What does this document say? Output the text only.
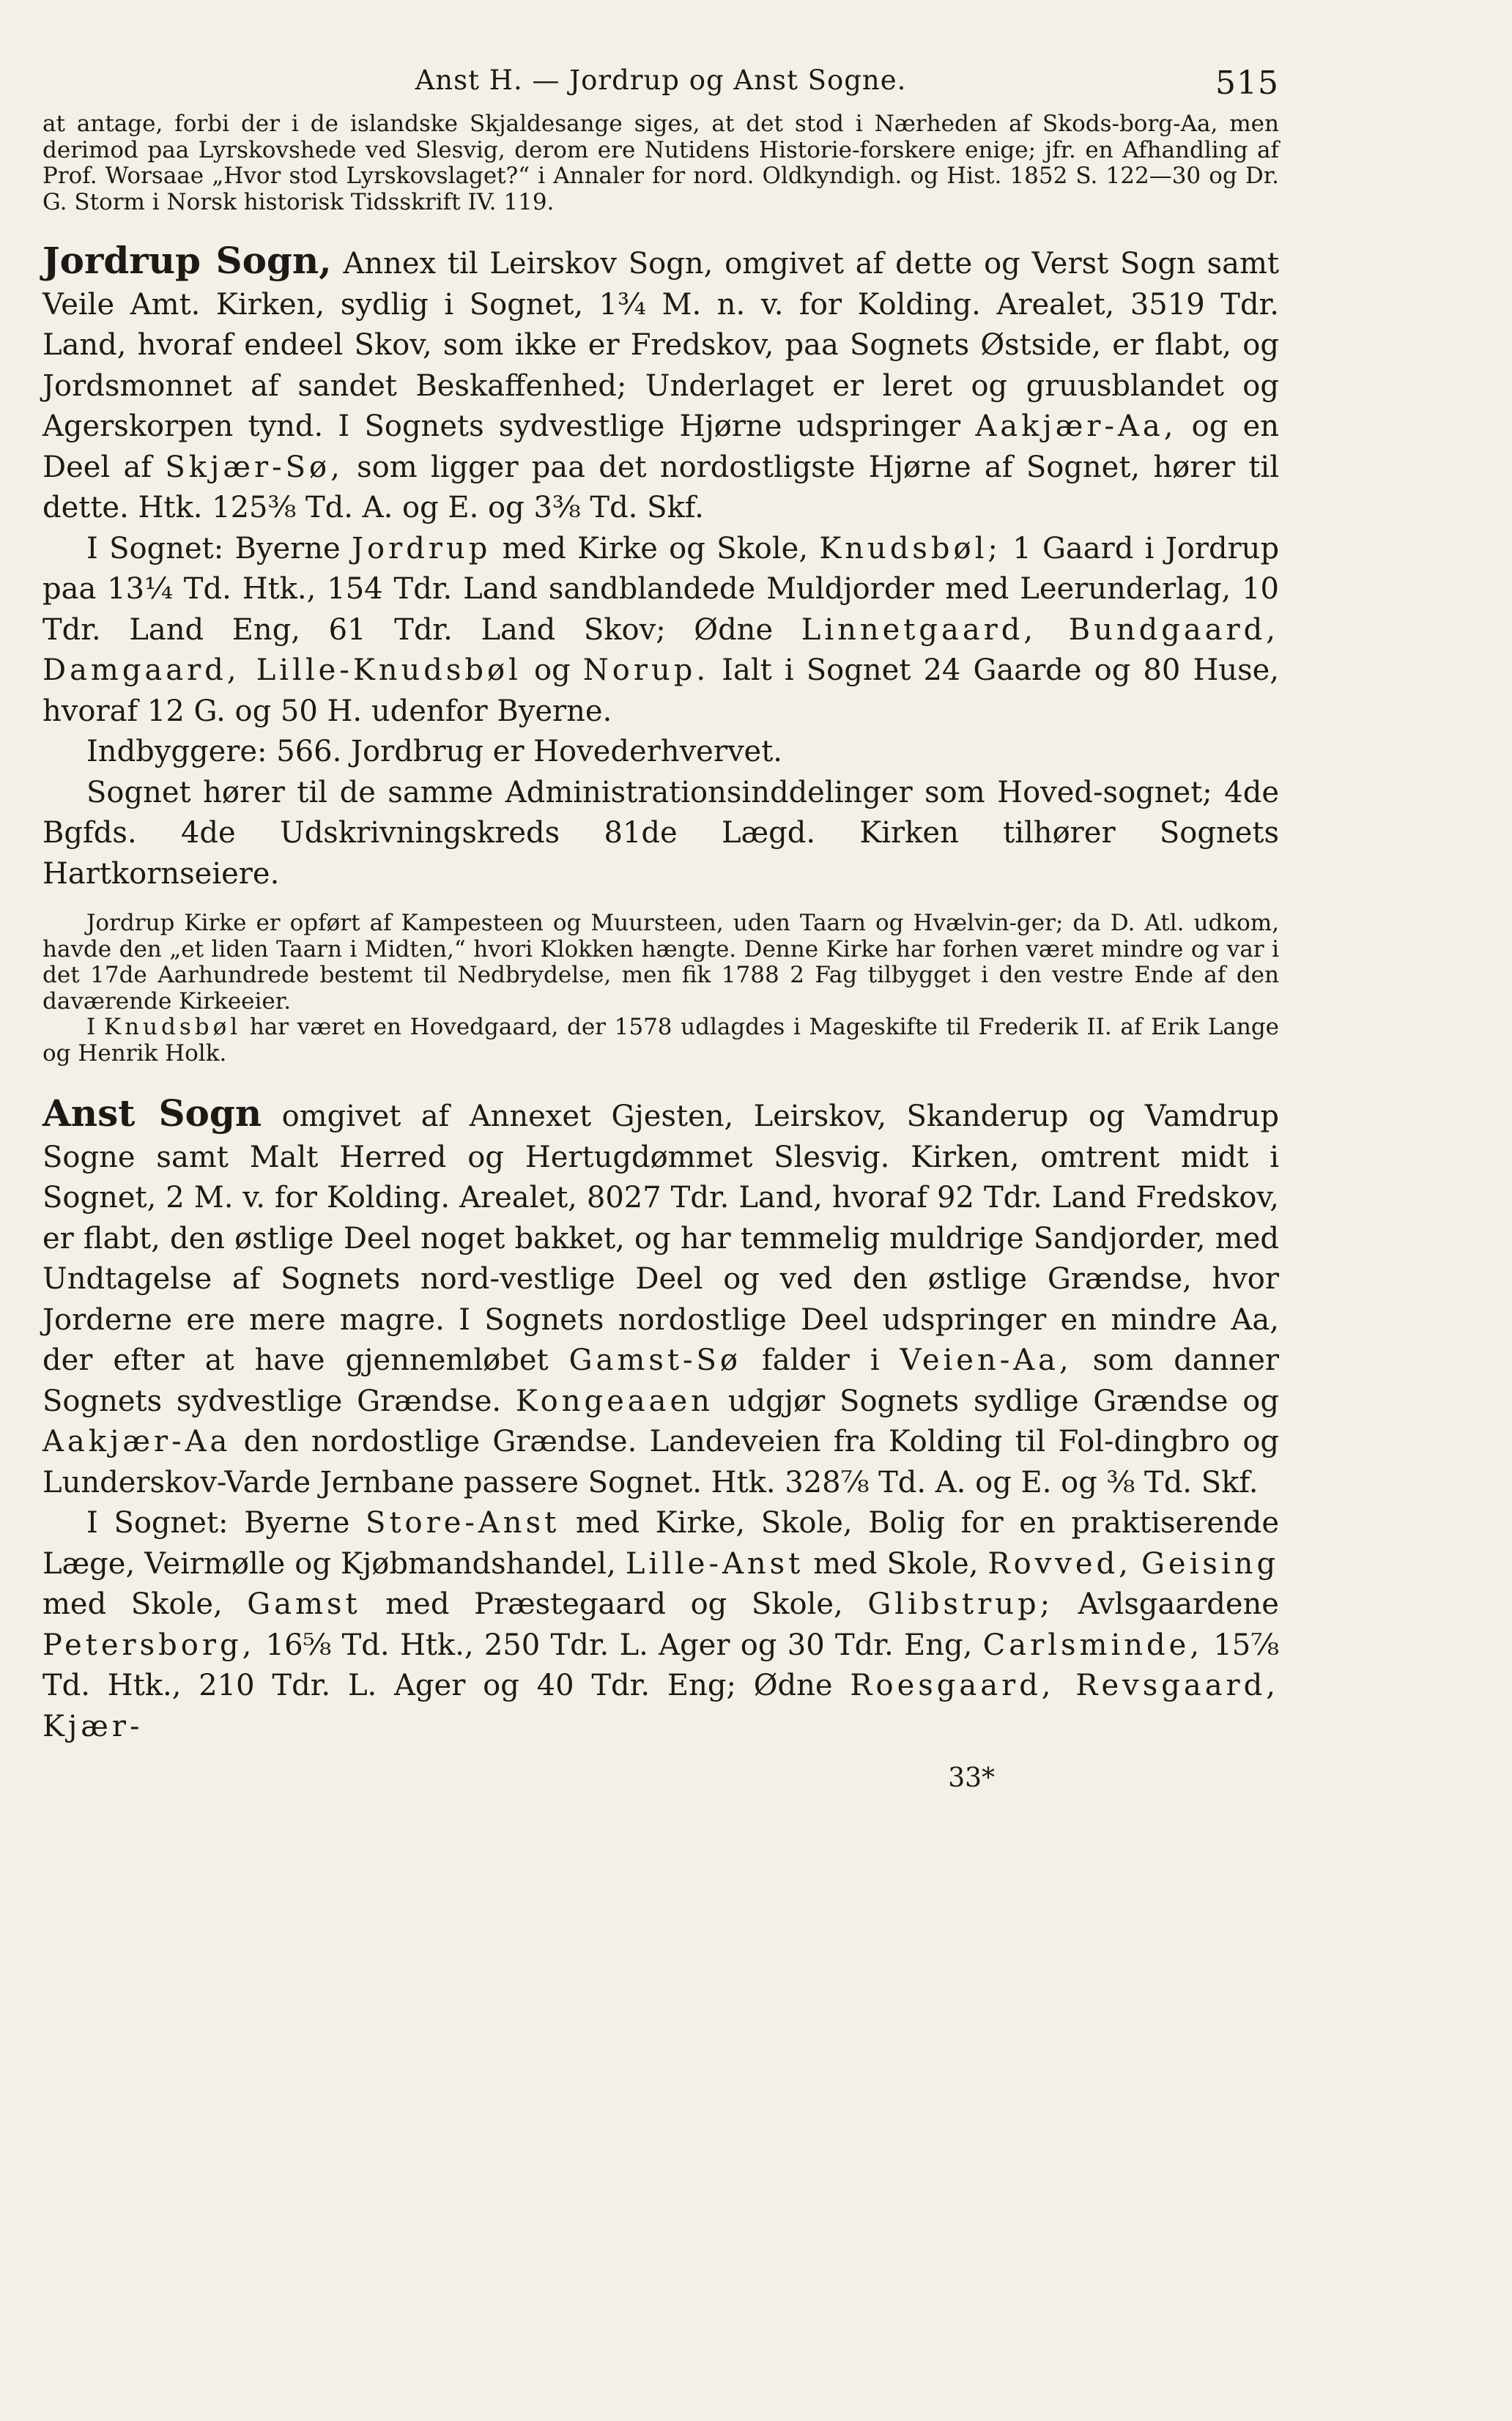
Anst H. — Jordrup og Anst Sogne.	515

at antage, forbi der i de islandske Skjaldesange siges, at det stod i Nærheden af Skods-borg-Aa, men derimod paa Lyrskovshede ved Slesvig, derom ere Nutidens Historie-forskere enige; jfr. en Afhandling af Prof. Worsaae „Hvor stod Lyrskovslaget?“ i Annaler for nord. Oldkyndigh. og Hist. 1852 S. 122—30 og Dr. G. Storm i Norsk historisk Tidsskrift IV. 119.

Jordrup Sogn, Annex til Leirskov Sogn, omgivet af dette og Verst Sogn samt Veile Amt. Kirken, sydlig i Sognet, 1¾ M. n. v. for Kolding. Arealet, 3519 Tdr. Land, hvoraf endeel Skov, som ikke er Fredskov, paa Sognets Østside, er flabt, og Jordsmonnet af sandet Beskaffenhed; Underlaget er leret og gruusblandet og Agerskorpen tynd. I Sognets sydvestlige Hjørne udspringer Aakjær-Aa, og en Deel af Skjær-Sø, som ligger paa det nordostligste Hjørne af Sognet, hører til dette. Htk. 125⅜ Td. A. og E. og 3⅜ Td. Skf.

I Sognet: Byerne Jordrup med Kirke og Skole, Knudsbøl; 1 Gaard i Jordrup paa 13¼ Td. Htk., 154 Tdr. Land sandblandede Muldjorder med Leerunderlag, 10 Tdr. Land Eng, 61 Tdr. Land Skov; Ødne Linnetgaard, Bundgaard, Damgaard, Lille-Knudsbøl og Norup. Ialt i Sognet 24 Gaarde og 80 Huse, hvoraf 12 G. og 50 H. udenfor Byerne.

Indbyggere: 566. Jordbrug er Hovederhvervet.

Sognet hører til de samme Administrationsinddelinger som Hoved-sognet; 4de Bgfds. 4de Udskrivningskreds 81de Lægd. Kirken tilhører Sognets Hartkornseiere.

Jordrup Kirke er opført af Kampesteen og Muursteen, uden Taarn og Hvælvin-ger; da D. Atl. udkom, havde den „et liden Taarn i Midten,“ hvori Klokken hængte. Denne Kirke har forhen været mindre og var i det 17de Aarhundrede bestemt til Nedbrydelse, men fik 1788 2 Fag tilbygget i den vestre Ende af den daværende Kirkeeier.

I Knudsbøl har været en Hovedgaard, der 1578 udlagdes i Mageskifte til Frederik II. af Erik Lange og Henrik Holk.

Anst Sogn omgivet af Annexet Gjesten, Leirskov, Skanderup og Vamdrup Sogne samt Malt Herred og Hertugdømmet Slesvig. Kirken, omtrent midt i Sognet, 2 M. v. for Kolding. Arealet, 8027 Tdr. Land, hvoraf 92 Tdr. Land Fredskov, er flabt, den østlige Deel noget bakket, og har temmelig muldrige Sandjorder, med Undtagelse af Sognets nord-vestlige Deel og ved den østlige Grændse, hvor Jorderne ere mere magre. I Sognets nordostlige Deel udspringer en mindre Aa, der efter at have gjennemløbet Gamst-Sø falder i Veien-Aa, som danner Sognets sydvestlige Grændse. Kongeaaen udgjør Sognets sydlige Grændse og Aakjær-Aa den nordostlige Grændse. Landeveien fra Kolding til Fol-dingbro og Lunderskov-Varde Jernbane passere Sognet. Htk. 328⅞ Td. A. og E. og ⅜ Td. Skf.

I Sognet: Byerne Store-Anst med Kirke, Skole, Bolig for en praktiserende Læge, Veirmølle og Kjøbmandshandel, Lille-Anst med Skole, Rovved, Geising med Skole, Gamst med Præstegaard og Skole, Glibstrup; Avlsgaardene Petersborg, 16⅝ Td. Htk., 250 Tdr. L. Ager og 30 Tdr. Eng, Carlsminde, 15⅞ Td. Htk., 210 Tdr. L. Ager og 40 Tdr. Eng; Ødne Roesgaard, Revsgaard, Kjær-

33*
